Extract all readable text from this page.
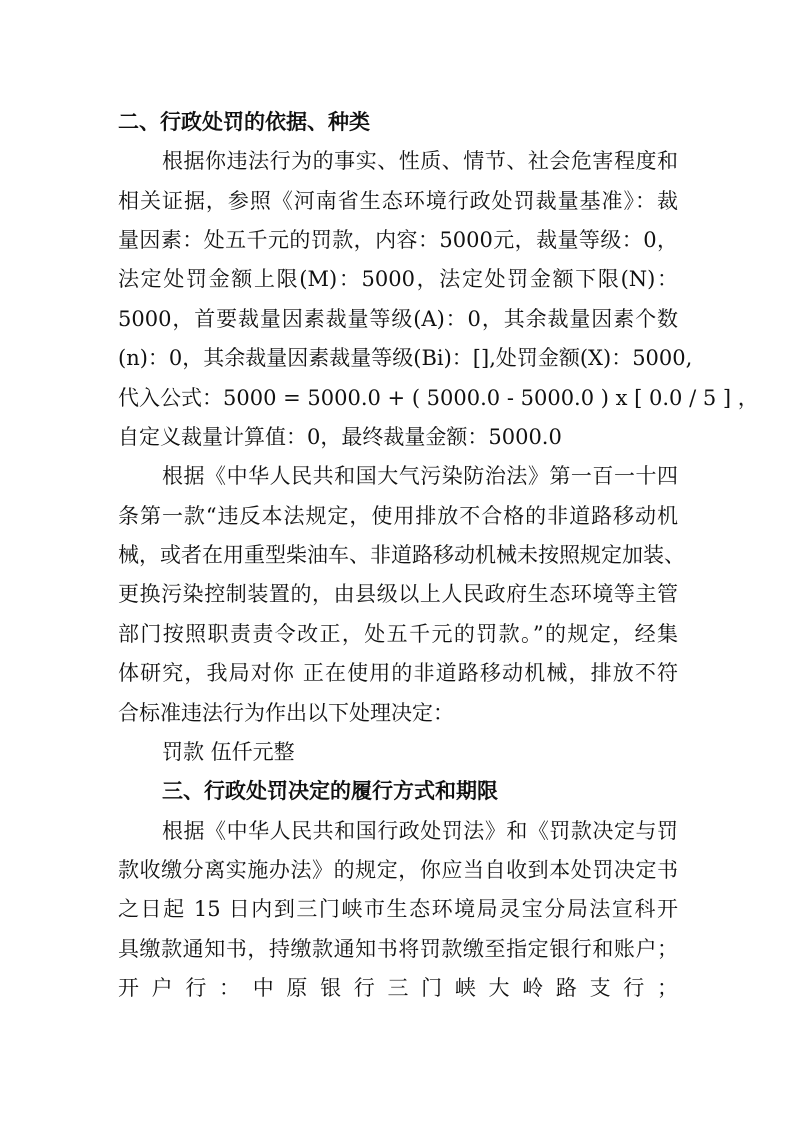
二、行政处罚的依据、种类
根据你违法行为的事实、性质、情节、社会危害程度和
相关证据，参照《河南省生态环境行政处罚裁量基准》：裁
量因素：处五千元的罚款，内容：5000元，裁量等级：0，
法定处罚金额上限(M)：5000，法定处罚金额下限(N)：
5000，首要裁量因素裁量等级(A)：0，其余裁量因素个数
(n)：0，其余裁量因素裁量等级(Bi)：[],处罚金额(X)：5000,
代入公式：5000 = 5000.0 + ( 5000.0 - 5000.0 ) x [ 0.0 / 5 ] ，
自定义裁量计算值：0，最终裁量金额：5000.0
根据《中华人民共和国大气污染防治法》第一百一十四
条第一款“违反本法规定，使用排放不合格的非道路移动机
械，或者在用重型柴油车、非道路移动机械未按照规定加装、
更换污染控制装置的，由县级以上人民政府生态环境等主管
部门按照职责责令改正，处五千元的罚款。”的规定，经集
体研究，我局对你 正在使用的非道路移动机械，排放不符
合标准违法行为作出以下处理决定：
罚款 伍仟元整
三、行政处罚决定的履行方式和期限
根据《中华人民共和国行政处罚法》和《罚款决定与罚
款收缴分离实施办法》的规定，你应当自收到本处罚决定书
之日起 15 日内到三门峡市生态环境局灵宝分局法宣科开
具缴款通知书，持缴款通知书将罚款缴至指定银行和账户；
开户行：中原银行三门峡大岭路支行；
